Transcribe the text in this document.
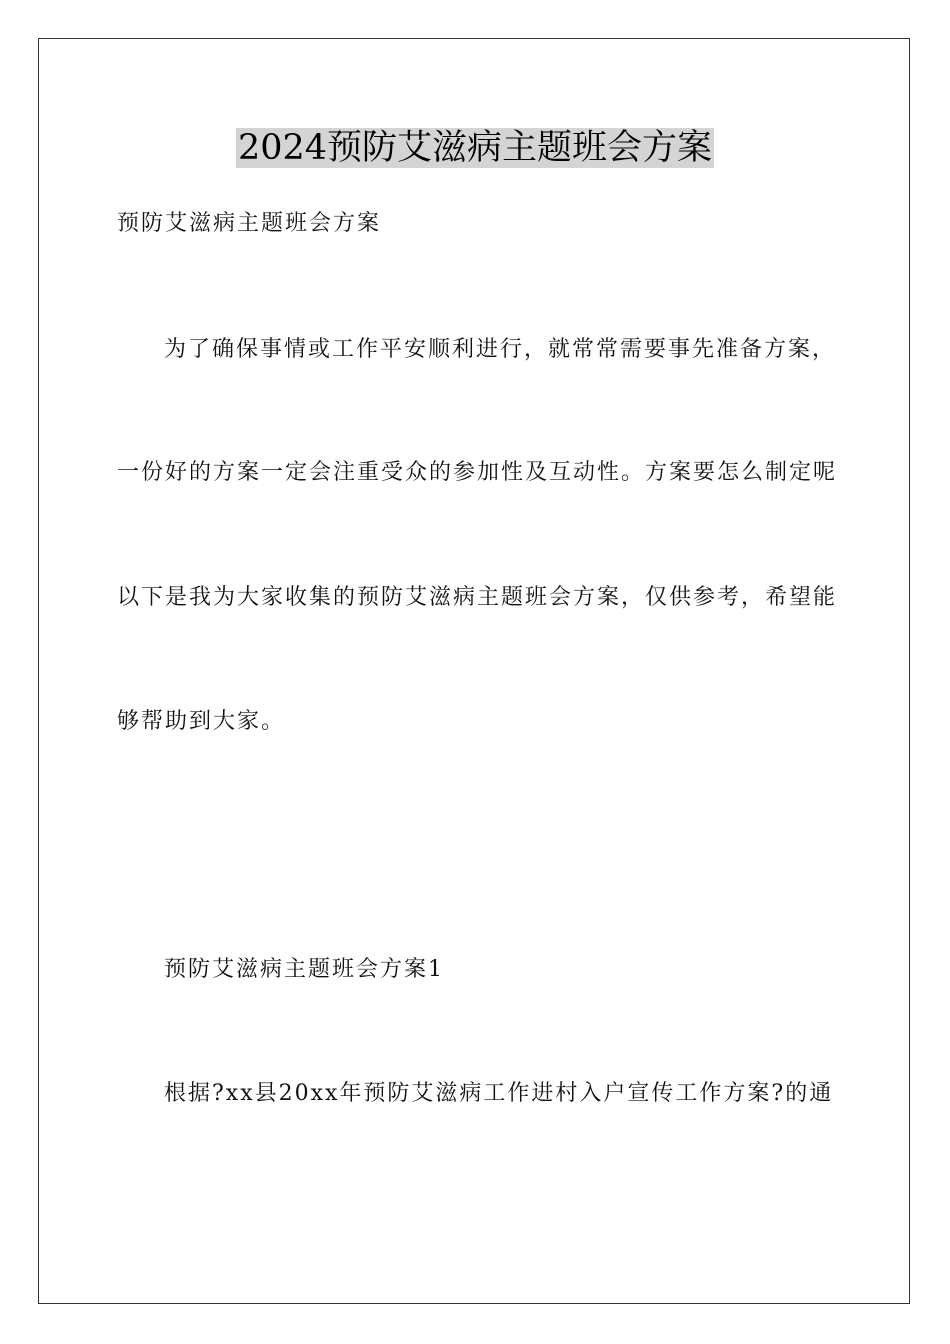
2024预防艾滋病主题班会方案
预防艾滋病主题班会方案
为了确保事情或工作平安顺利进行，就常常需要事先准备方案，
一份好的方案一定会注重受众的参加性及互动性。方案要怎么制定呢
以下是我为大家收集的预防艾滋病主题班会方案，仅供参考，希望能
够帮助到大家。
预防艾滋病主题班会方案1
根据?xx县20xx年预防艾滋病工作进村入户宣传工作方案?的通
